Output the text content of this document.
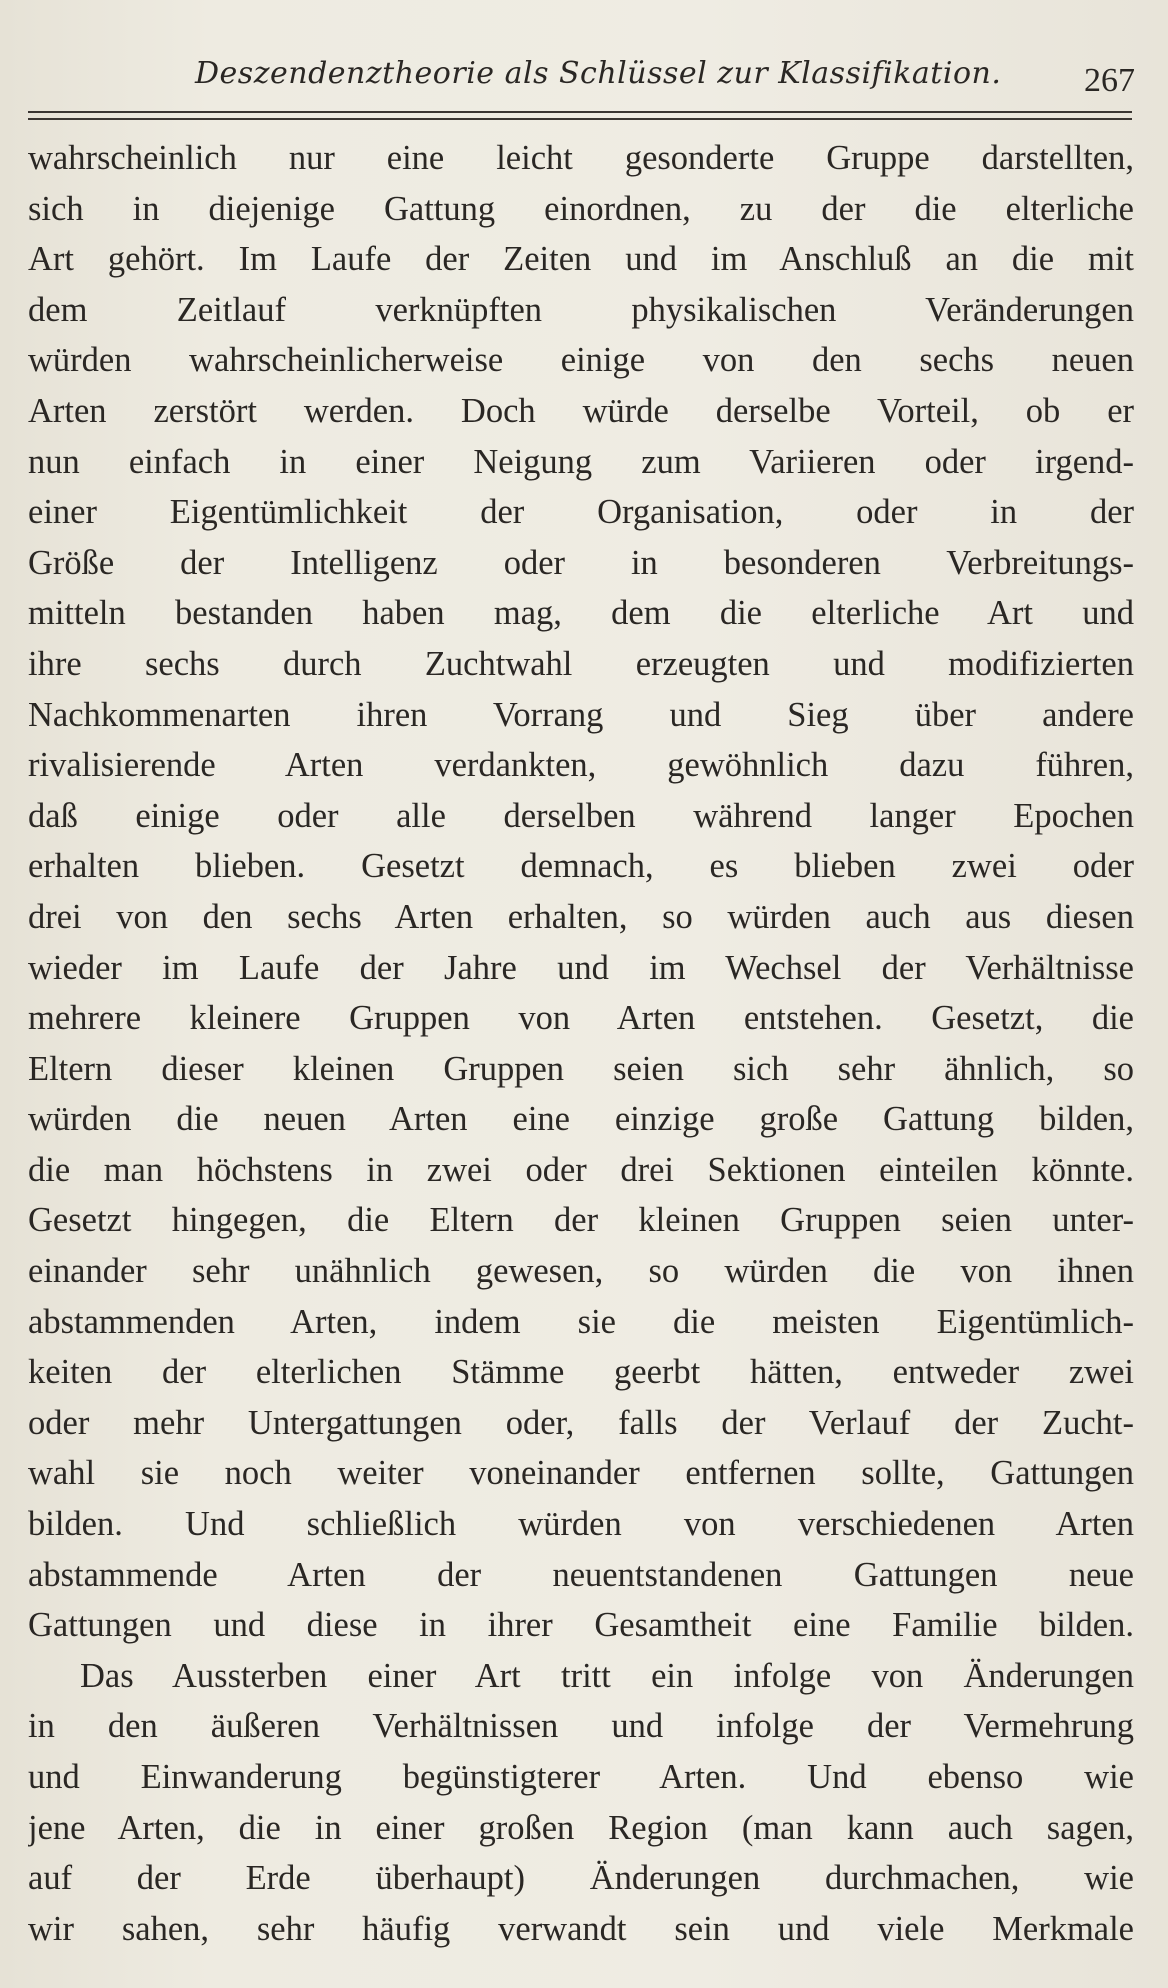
Deszendenztheorie als Schlüssel zur Klassifikation. 267
wahrscheinlich nur eine leicht gesonderte Gruppe darstellten,
sich in diejenige Gattung einordnen, zu der die elterliche
Art gehört. Im Laufe der Zeiten und im Anschluß an die mit
dem Zeitlauf verknüpften physikalischen Veränderungen
würden wahrscheinlicherweise einige von den sechs neuen
Arten zerstört werden. Doch würde derselbe Vorteil, ob er
nun einfach in einer Neigung zum Variieren oder irgend-
einer Eigentümlichkeit der Organisation, oder in der
Größe der Intelligenz oder in besonderen Verbreitungs-
mitteln bestanden haben mag, dem die elterliche Art und
ihre sechs durch Zuchtwahl erzeugten und modifizierten
Nachkommenarten ihren Vorrang und Sieg über andere
rivalisierende Arten verdankten, gewöhnlich dazu führen,
daß einige oder alle derselben während langer Epochen
erhalten blieben. Gesetzt demnach, es blieben zwei oder
drei von den sechs Arten erhalten, so würden auch aus diesen
wieder im Laufe der Jahre und im Wechsel der Verhältnisse
mehrere kleinere Gruppen von Arten entstehen. Gesetzt, die
Eltern dieser kleinen Gruppen seien sich sehr ähnlich, so
würden die neuen Arten eine einzige große Gattung bilden,
die man höchstens in zwei oder drei Sektionen einteilen könnte.
Gesetzt hingegen, die Eltern der kleinen Gruppen seien unter-
einander sehr unähnlich gewesen, so würden die von ihnen
abstammenden Arten, indem sie die meisten Eigentümlich-
keiten der elterlichen Stämme geerbt hätten, entweder zwei
oder mehr Untergattungen oder, falls der Verlauf der Zucht-
wahl sie noch weiter voneinander entfernen sollte, Gattungen
bilden. Und schließlich würden von verschiedenen Arten
abstammende Arten der neuentstandenen Gattungen neue
Gattungen und diese in ihrer Gesamtheit eine Familie bilden.
Das Aussterben einer Art tritt ein infolge von Änderungen
in den äußeren Verhältnissen und infolge der Vermehrung
und Einwanderung begünstigterer Arten. Und ebenso wie
jene Arten, die in einer großen Region (man kann auch sagen,
auf der Erde überhaupt) Änderungen durchmachen, wie
wir sahen, sehr häufig verwandt sein und viele Merkmale
